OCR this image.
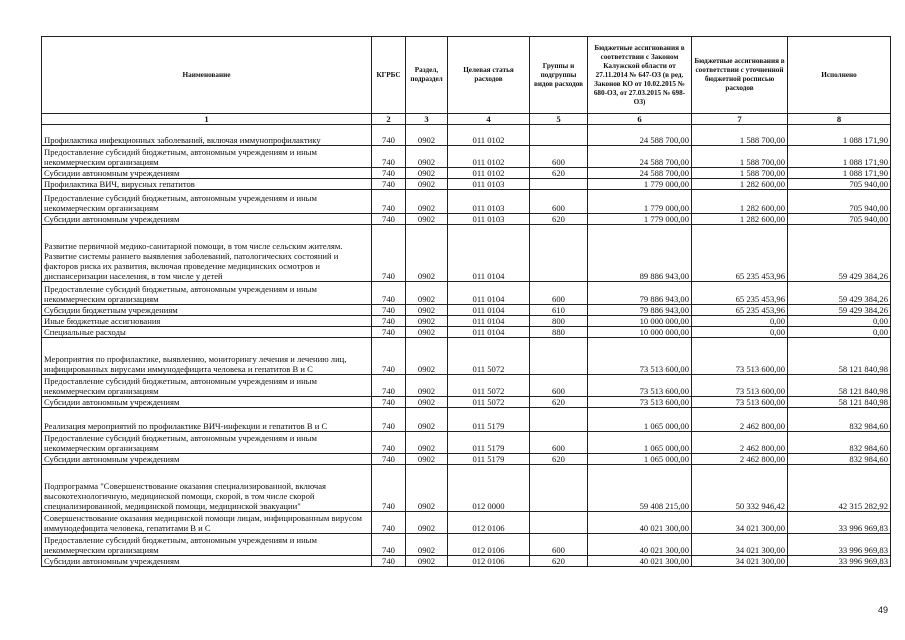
Наименование	КГРБС	Раздел, подраздел	Целевая статья расходов	Группы и подгруппы видов расходов	Бюджетные ассигнования в соответствии с Законом Калужской области от 27.11.2014 № 647-ОЗ (в ред. Законов КО от 10.02.2015 № 680-ОЗ, от 27.03.2015 № 698-ОЗ)	Бюджетные ассигнования в соответствии с уточненной бюджетной росписью расходов	Исполнено
1	2	3	4	5	6	7	8
Профилактика инфекционных заболеваний, включая иммунопрофилактику	740	0902	011 0102		24 588 700,00	1 588 700,00	1 088 171,90
Предоставление субсидий бюджетным, автономным учреждениям и иным некоммерческим организациям	740	0902	011 0102	600	24 588 700,00	1 588 700,00	1 088 171,90
Субсидии автономным учреждениям	740	0902	011 0102	620	24 588 700,00	1 588 700,00	1 088 171,90
Профилактика ВИЧ, вирусных гепатитов	740	0902	011 0103		1 779 000,00	1 282 600,00	705 940,00
Предоставление субсидий бюджетным, автономным учреждениям и иным некоммерческим организациям	740	0902	011 0103	600	1 779 000,00	1 282 600,00	705 940,00
Субсидии автономным учреждениям	740	0902	011 0103	620	1 779 000,00	1 282 600,00	705 940,00
Развитие первичной медико-санитарной помощи, в том числе сельским жителям. Развитие системы раннего выявления заболеваний, патологических состояний и факторов риска их развития, включая проведение медицинских осмотров и диспансеризации населения, в том числе у детей	740	0902	011 0104		89 886 943,00	65 235 453,96	59 429 384,26
Предоставление субсидий бюджетным, автономным учреждениям и иным некоммерческим организациям	740	0902	011 0104	600	79 886 943,00	65 235 453,96	59 429 384,26
Субсидии бюджетным учреждениям	740	0902	011 0104	610	79 886 943,00	65 235 453,96	59 429 384,26
Иные бюджетные ассигнования	740	0902	011 0104	800	10 000 000,00	0,00	0,00
Специальные расходы	740	0902	011 0104	880	10 000 000,00	0,00	0,00
Мероприятия по профилактике, выявлению, мониторингу лечения и лечению лиц, инфицированных вирусами иммунодефицита человека и гепатитов В и С	740	0902	011 5072		73 513 600,00	73 513 600,00	58 121 840,98
Предоставление субсидий бюджетным, автономным учреждениям и иным некоммерческим организациям	740	0902	011 5072	600	73 513 600,00	73 513 600,00	58 121 840,98
Субсидии автономным учреждениям	740	0902	011 5072	620	73 513 600,00	73 513 600,00	58 121 840,98
Реализация мероприятий по профилактике ВИЧ-инфекции и гепатитов В и С	740	0902	011 5179		1 065 000,00	2 462 800,00	832 984,60
Предоставление субсидий бюджетным, автономным учреждениям и иным некоммерческим организациям	740	0902	011 5179	600	1 065 000,00	2 462 800,00	832 984,60
Субсидии автономным учреждениям	740	0902	011 5179	620	1 065 000,00	2 462 800,00	832 984,60
Подпрограмма "Совершенствование оказания специализированной, включая высокотехнологичную, медицинской помощи, скорой, в том числе скорой специализированной, медицинской помощи, медицинской эвакуации"	740	0902	012 0000		59 408 215,00	50 332 946,42	42 315 282,92
Совершенствование оказания медицинской помощи лицам, инфицированным вирусом иммунодефицита человека, гепатитами В и С	740	0902	012 0106		40 021 300,00	34 021 300,00	33 996 969,83
Предоставление субсидий бюджетным, автономным учреждениям и иным некоммерческим организациям	740	0902	012 0106	600	40 021 300,00	34 021 300,00	33 996 969,83
Субсидии автономным учреждениям	740	0902	012 0106	620	40 021 300,00	34 021 300,00	33 996 969,83
49
